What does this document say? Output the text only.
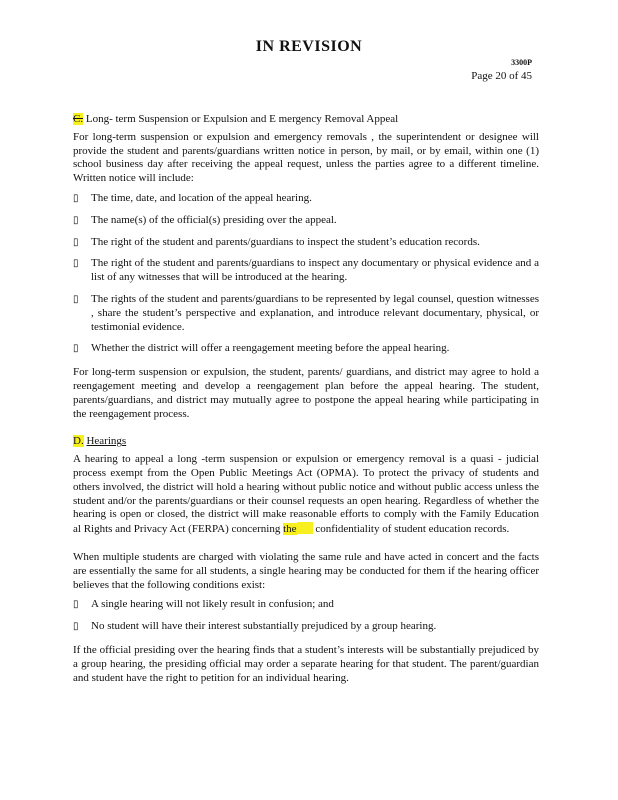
IN REVISION
3300P
Page 20 of 45
C. Long- term Suspension or Expulsion and E mergency Removal Appeal

For long-term suspension or expulsion and emergency removals , the superintendent or designee will provide the student and parents/guardians written notice in person, by mail, or by email, within one (1) school business day after receiving the appeal request, unless the parties agree to a different timeline. Written notice will include:

▯	The time, date, and location of the appeal hearing.
▯	The name(s) of the official(s) presiding over the appeal.
▯	The right of the student and parents/guardians to inspect the student’s education records.
▯	The right of the student and parents/guardians to inspect any documentary or physical evidence and a list of any witnesses that will be introduced at the hearing.
▯	The rights of the student and parents/guardians to be represented by legal counsel, question witnesses , share the student’s perspective and explanation, and introduce relevant documentary, physical, or testimonial evidence.
▯	Whether the district will offer a reengagement meeting before the appeal hearing.

For long-term suspension or expulsion, the student, parents/ guardians, and district may agree to hold a reengagement meeting and develop a reengagement plan before the appeal hearing. The student, parents/guardians, and district may mutually agree to postpone the appeal hearing while participating in the reengagement process.

D. Hearings

A hearing to appeal a long -term suspension or expulsion or emergency removal is a quasi - judicial process exempt from the Open Public Meetings Act (OPMA). To protect the privacy of students and others involved, the district will hold a hearing without public notice and without public access unless the student and/or the parents/guardians or their counsel requests an open hearing. Regardless of whether the hearing is open or closed, the district will make reasonable efforts to comply with the Family Education al Rights and Privacy Act (FERPA) concerning the confidentiality of student education records.

When multiple students are charged with violating the same rule and have acted in concert and the facts are essentially the same for all students, a single hearing may be conducted for them if the hearing officer believes that the following conditions exist:

▯	A single hearing will not likely result in confusion; and
▯	No student will have their interest substantially prejudiced by a group hearing.

If the official presiding over the hearing finds that a student’s interests will be substantially prejudiced by a group hearing, the presiding official may order a separate hearing for that student. The parent/guardian and student have the right to petition for an individual hearing.
